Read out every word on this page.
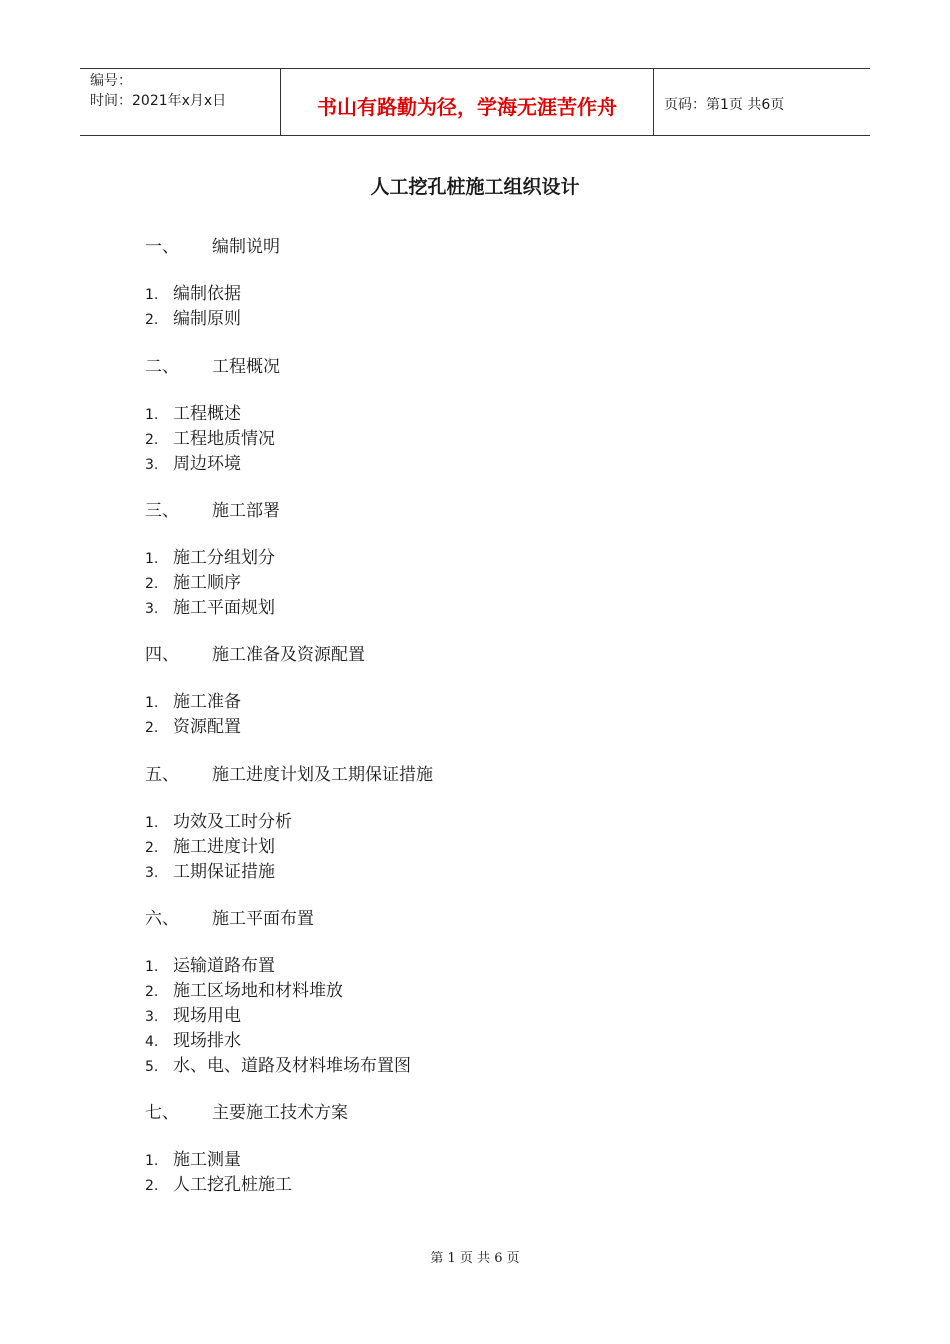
编号：
时间：2021年x月x日	书山有路勤为径，学海无涯苦作舟	页码：第1页 共6页
人工挖孔桩施工组织设计
一、 编制说明
1. 编制依据
2. 编制原则
二、 工程概况
1. 工程概述
2. 工程地质情况
3. 周边环境
三、 施工部署
1. 施工分组划分
2. 施工顺序
3. 施工平面规划
四、 施工准备及资源配置
1. 施工准备
2. 资源配置
五、 施工进度计划及工期保证措施
1. 功效及工时分析
2. 施工进度计划
3. 工期保证措施
六、 施工平面布置
1. 运输道路布置
2. 施工区场地和材料堆放
3. 现场用电
4. 现场排水
5. 水、电、道路及材料堆场布置图
七、 主要施工技术方案
1. 施工测量
2. 人工挖孔桩施工
第 1 页 共 6 页
